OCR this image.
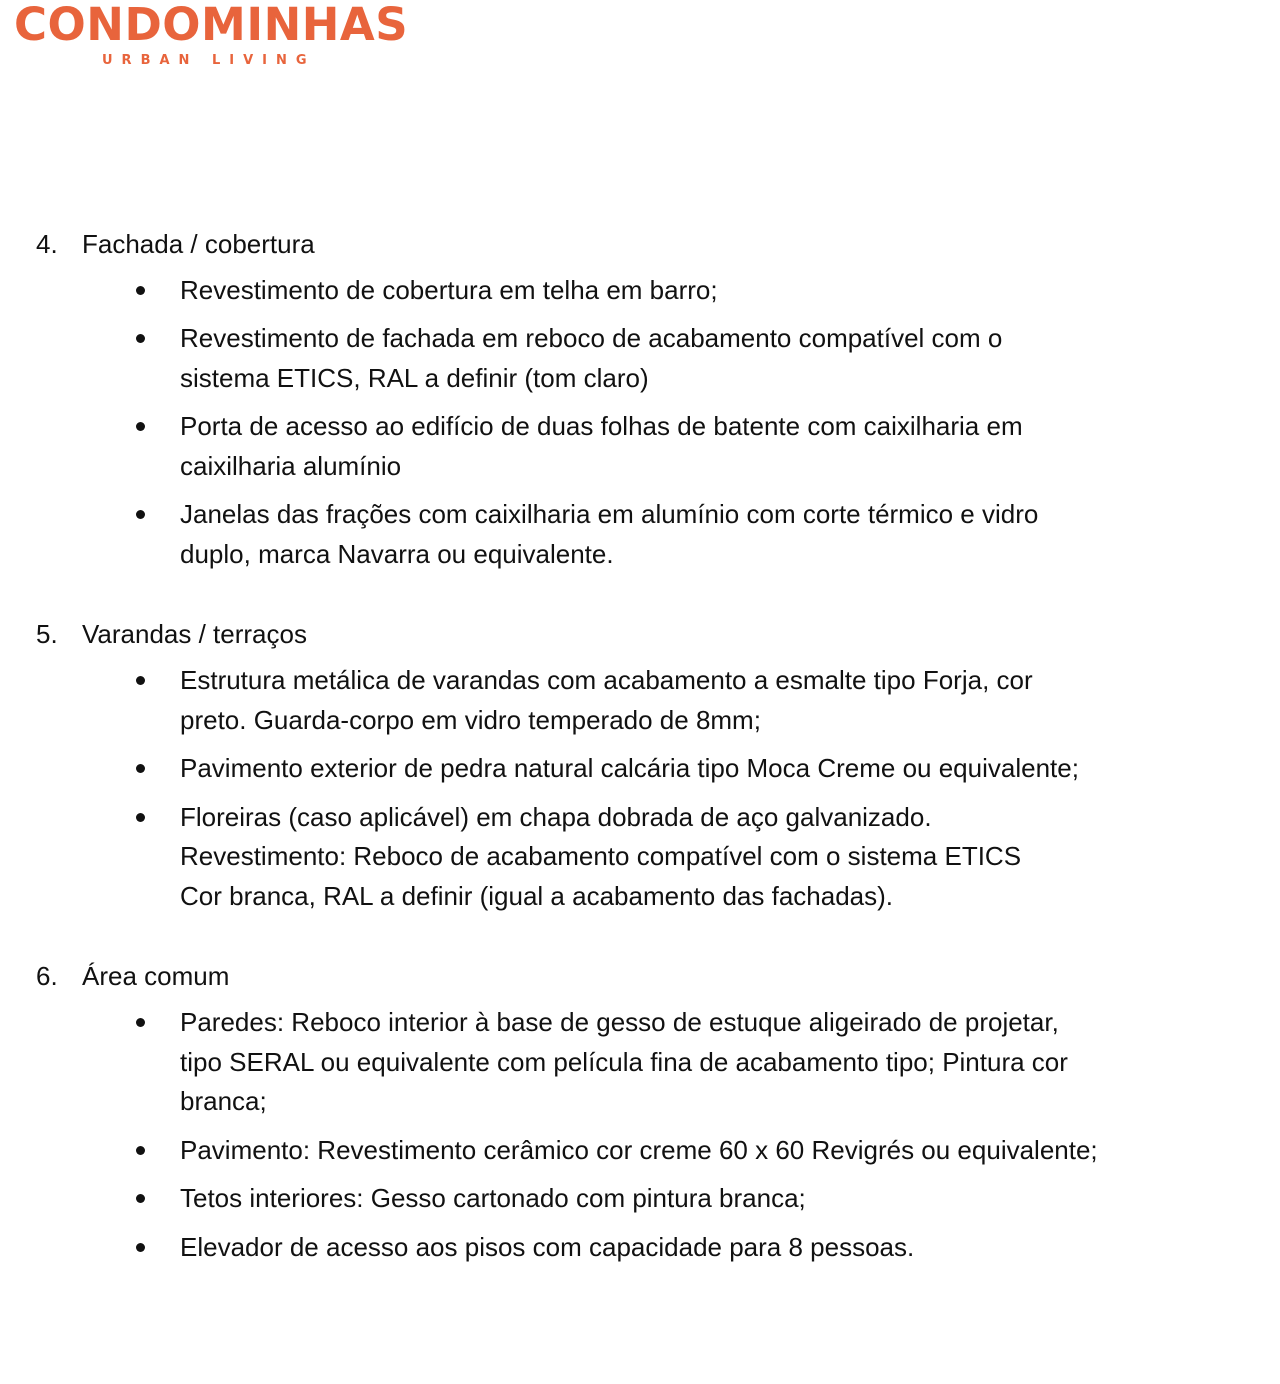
CONDOMINHAS
URBAN LIVING
4. Fachada / cobertura
Revestimento de cobertura em telha em barro;
Revestimento de fachada em reboco de acabamento compatível com o
sistema ETICS, RAL a definir (tom claro)
Porta de acesso ao edifício de duas folhas de batente com caixilharia em
caixilharia alumínio
Janelas das frações com caixilharia em alumínio com corte térmico e vidro
duplo, marca Navarra ou equivalente.
5. Varandas / terraços
Estrutura metálica de varandas com acabamento a esmalte tipo Forja, cor
preto. Guarda-corpo em vidro temperado de 8mm;
Pavimento exterior de pedra natural calcária tipo Moca Creme ou equivalente;
Floreiras (caso aplicável) em chapa dobrada de aço galvanizado.
Revestimento: Reboco de acabamento compatível com o sistema ETICS
Cor branca, RAL a definir (igual a acabamento das fachadas).
6. Área comum
Paredes: Reboco interior à base de gesso de estuque aligeirado de projetar,
tipo SERAL ou equivalente com película fina de acabamento tipo; Pintura cor
branca;
Pavimento: Revestimento cerâmico cor creme 60 x 60 Revigrés ou equivalente;
Tetos interiores: Gesso cartonado com pintura branca;
Elevador de acesso aos pisos com capacidade para 8 pessoas.
